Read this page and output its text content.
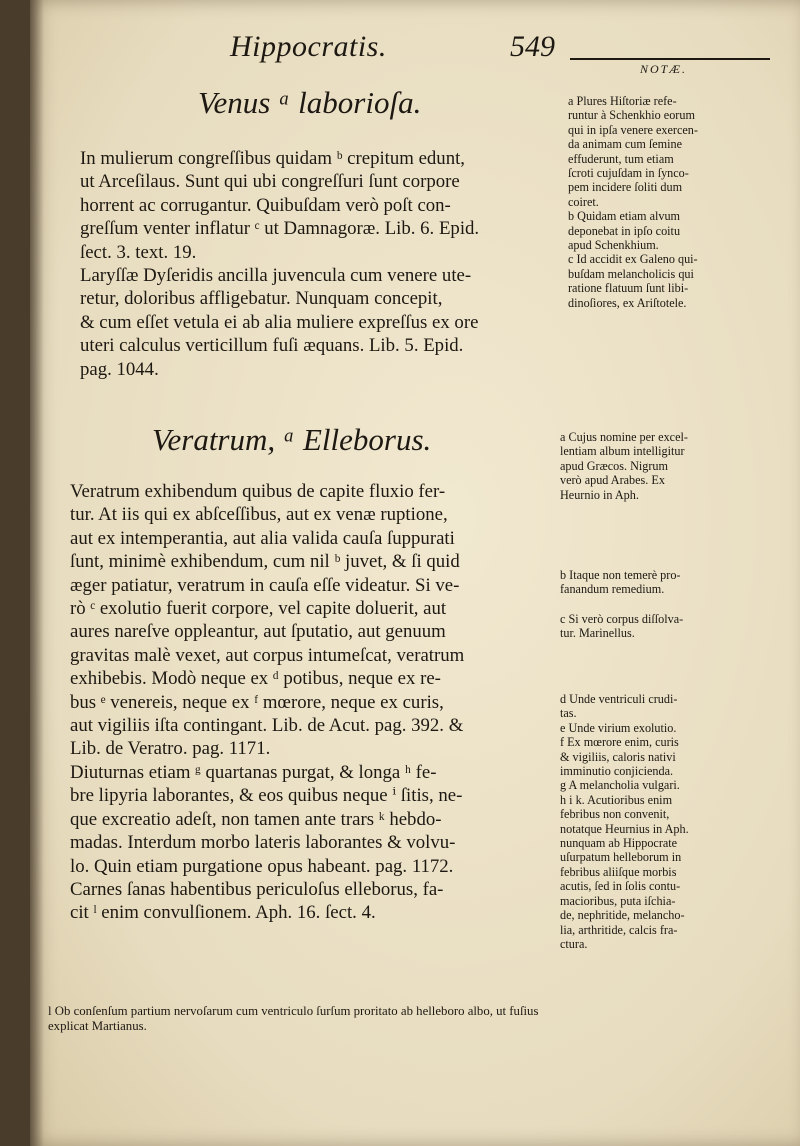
Hippocratis.	549
NOTÆ.
Venus ᵃ laborioſa.
In mulierum congreſſibus quidam ᵇ crepitum edunt,
ut Arceſilaus. Sunt qui ubi congreſſuri ſunt corpore
horrent ac corrugantur. Quibuſdam verò poſt con-
greſſum venter inflatur ᶜ ut Damnagoræ. Lib. 6. Epid.
ſect. 3. text. 19.
Laryſſæ Dyſeridis ancilla juvencula cum venere ute-
retur, doloribus affligebatur. Nunquam concepit,
& cum eſſet vetula ei ab alia muliere expreſſus ex ore
uteri calculus verticillum fuſi æquans. Lib. 5. Epid.
pag. 1044.
a Plures Hiſtoriæ refe-
runtur à Schenkhio eorum
qui in ipſa venere exercen-
da animam cum ſemine
effuderunt, tum etiam
ſcroti cujuſdam in ſynco-
pem incidere ſoliti dum
coiret.
b Quidam etiam alvum
deponebat in ipſo coitu
apud Schenkhium.
c Id accidit ex Galeno qui-
buſdam melancholicis qui
ratione flatuum ſunt libi-
dinoſiores, ex Ariſtotele.
Veratrum, ᵃ Elleborus.
Veratrum exhibendum quibus de capite fluxio fer-
tur. At iis qui ex abſceſſibus, aut ex venæ ruptione,
aut ex intemperantia, aut alia valida cauſa ſuppurati
ſunt, minimè exhibendum, cum nil ᵇ juvet, & ſi quid
æger patiatur, veratrum in cauſa eſſe videatur. Si ve-
rò ᶜ exolutio fuerit corpore, vel capite doluerit, aut
aures nareſve oppleantur, aut ſputatio, aut genuum
gravitas malè vexet, aut corpus intumeſcat, veratrum
exhibebis. Modò neque ex ᵈ potibus, neque ex re-
bus ᵉ venereis, neque ex ᶠ mœrore, neque ex curis,
aut vigiliis iſta contingant. Lib. de Acut. pag. 392. &
Lib. de Veratro. pag. 1171.
Diuturnas etiam ᵍ quartanas purgat, & longa ʰ fe-
bre lipyria laborantes, & eos quibus neque ⁱ ſitis, ne-
que excreatio adeſt, non tamen ante trars ᵏ hebdo-
madas. Interdum morbo lateris laborantes & volvu-
lo. Quin etiam purgatione opus habeant. pag. 1172.
Carnes ſanas habentibus periculoſus elleborus, fa-
cit ˡ enim convulſionem. Aph. 16. ſect. 4.
a Cujus nomine per excel-
lentiam album intelligitur
apud Græcos. Nigrum
verò apud Arabes. Ex
Heurnio in Aph.
b Itaque non temerè pro-
fanandum remedium.
c Si verò corpus diſſolva-
tur. Marinellus.
d Unde ventriculi crudi-
tas.
e Unde virium exolutio.
f Ex mœrore enim, curis
& vigiliis, caloris nativi
imminutio conjicienda.
g A melancholia vulgari.
h i k. Acutioribus enim
febribus non convenit,
notatque Heurnius in Aph.
nunquam ab Hippocrate
uſurpatum helleborum in
febribus aliiſque morbis
acutis, ſed in ſolis contu-
macioribus, puta iſchia-
de, nephritide, melancho-
lia, arthritide, calcis fra-
ctura.
l Ob conſenſum partium nervoſarum cum ventriculo ſurſum proritato ab helleboro albo, ut fuſius
explicat Martianus.
